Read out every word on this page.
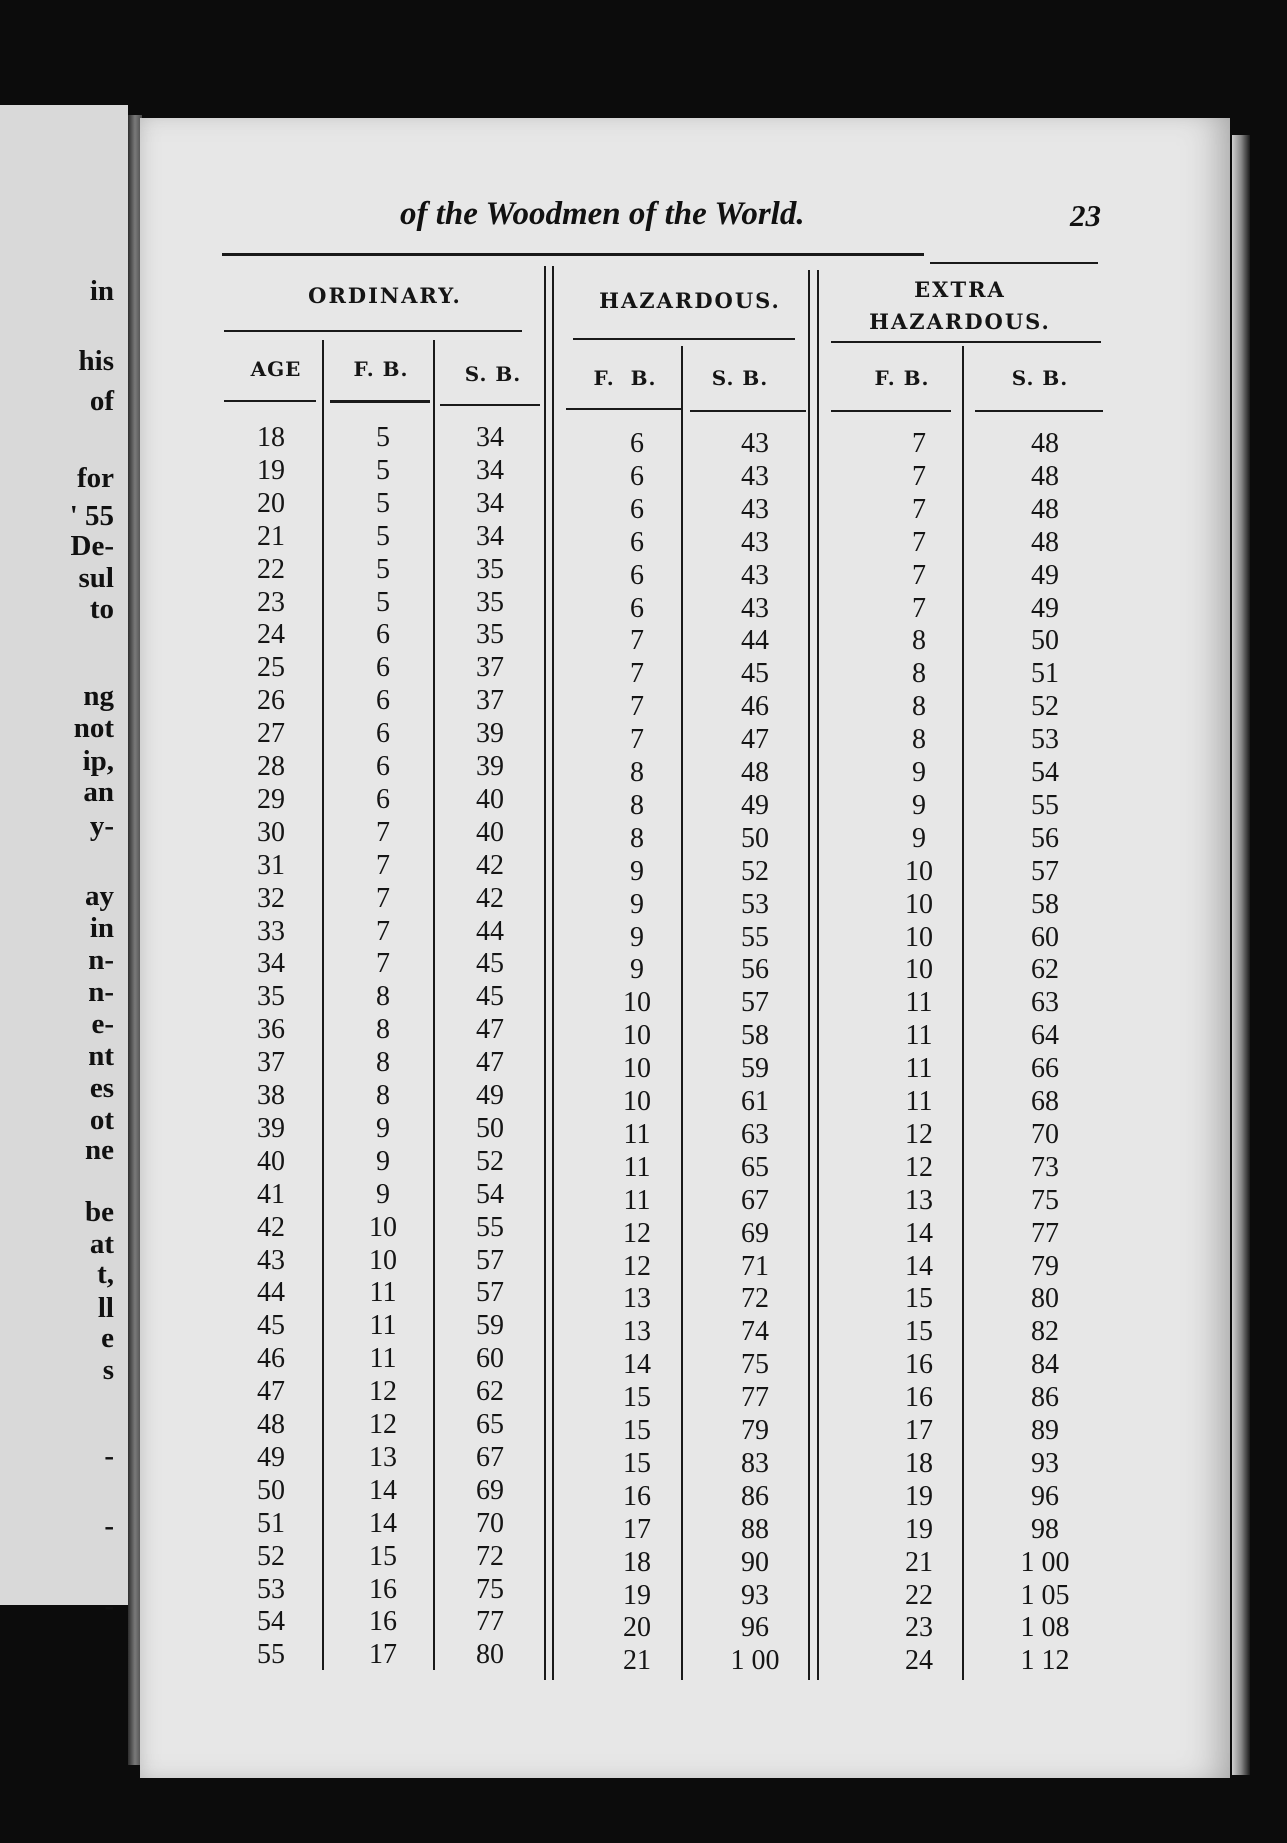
in
his
of
for
' 55
De-
sul
to
ng
not
ip,
an
y-
ay
in
n-
n-
e-
nt
es
ot
ne
be
at
t,
ll
e
s
-
-
-
of the Woodmen of the World.	23
ORDINARY.	HAZARDOUS.	EXTRA HAZARDOUS.
AGE	F. B.	S. B.	F.  B.	S. B.	F. B.	S. B.
18	5	34	6	43	7	48
19	5	34	6	43	7	48
20	5	34	6	43	7	48
21	5	34	6	43	7	48
22	5	35	6	43	7	49
23	5	35	6	43	7	49
24	6	35	7	44	8	50
25	6	37	7	45	8	51
26	6	37	7	46	8	52
27	6	39	7	47	8	53
28	6	39	8	48	9	54
29	6	40	8	49	9	55
30	7	40	8	50	9	56
31	7	42	9	52	10	57
32	7	42	9	53	10	58
33	7	44	9	55	10	60
34	7	45	9	56	10	62
35	8	45	10	57	11	63
36	8	47	10	58	11	64
37	8	47	10	59	11	66
38	8	49	10	61	11	68
39	9	50	11	63	12	70
40	9	52	11	65	12	73
41	9	54	11	67	13	75
42	10	55	12	69	14	77
43	10	57	12	71	14	79
44	11	57	13	72	15	80
45	11	59	13	74	15	82
46	11	60	14	75	16	84
47	12	62	15	77	16	86
48	12	65	15	79	17	89
49	13	67	15	83	18	93
50	14	69	16	86	19	96
51	14	70	17	88	19	98
52	15	72	18	90	21	1 00
53	16	75	19	93	22	1 05
54	16	77	20	96	23	1 08
55	17	80	21	1 00	24	1 12
